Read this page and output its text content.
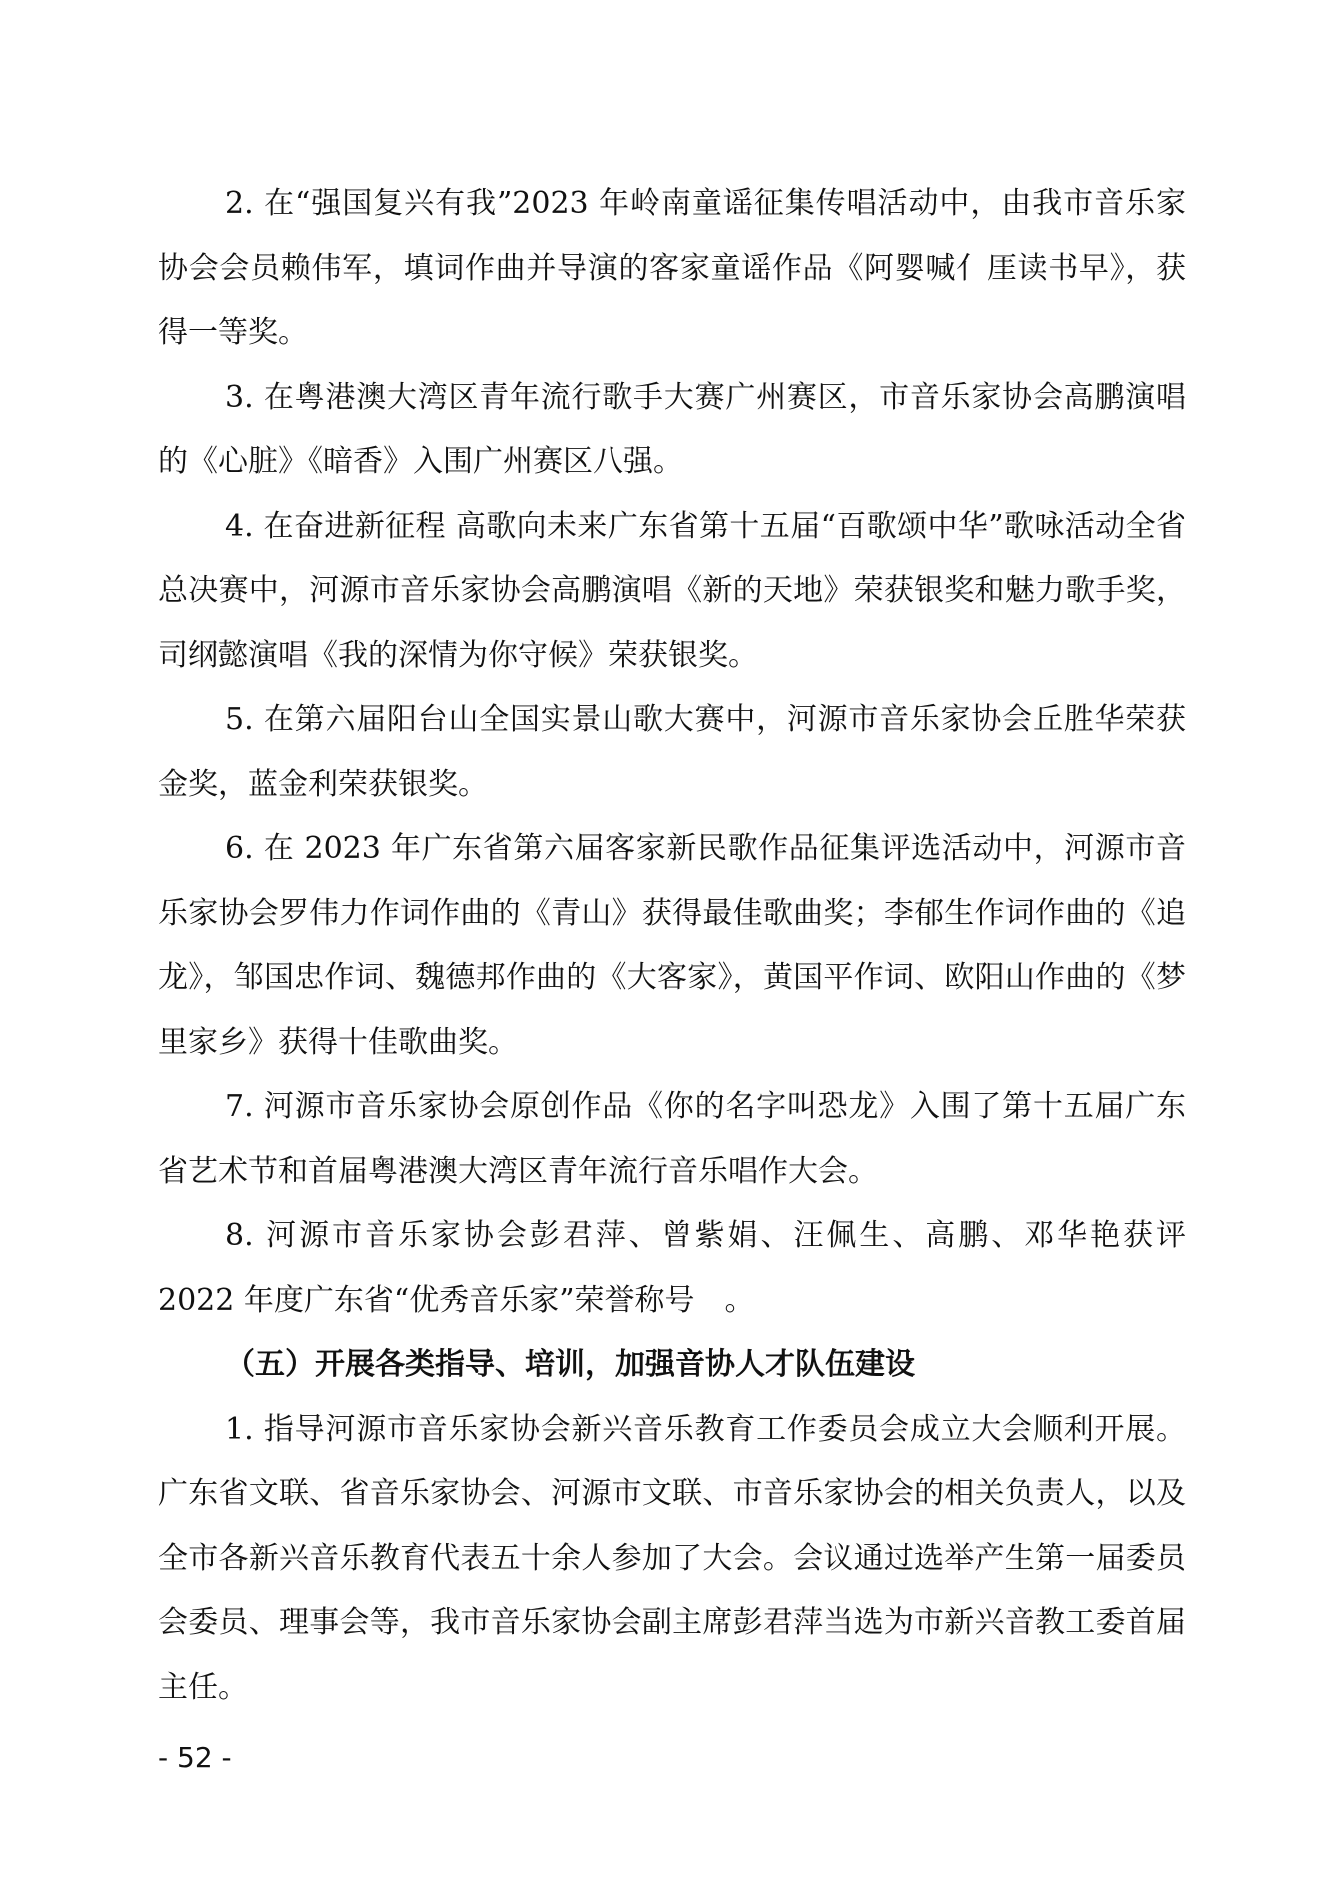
2. 在“强国复兴有我”2023 年岭南童谣征集传唱活动中，由我市音乐家协会会员赖伟军，填词作曲并导演的客家童谣作品《阿婴喊亻厓读书早》，获得一等奖。

3. 在粤港澳大湾区青年流行歌手大赛广州赛区，市音乐家协会高鹏演唱的《心脏》《暗香》入围广州赛区八强。

4. 在奋进新征程 高歌向未来广东省第十五届“百歌颂中华”歌咏活动全省总决赛中，河源市音乐家协会高鹏演唱《新的天地》荣获银奖和魅力歌手奖，司纲懿演唱《我的深情为你守候》荣获银奖。

5. 在第六届阳台山全国实景山歌大赛中，河源市音乐家协会丘胜华荣获金奖，蓝金利荣获银奖。

6. 在 2023 年广东省第六届客家新民歌作品征集评选活动中，河源市音乐家协会罗伟力作词作曲的《青山》获得最佳歌曲奖；李郁生作词作曲的《追龙》，邹国忠作词、魏德邦作曲的《大客家》，黄国平作词、欧阳山作曲的《梦里家乡》获得十佳歌曲奖。

7. 河源市音乐家协会原创作品《你的名字叫恐龙》入围了第十五届广东省艺术节和首届粤港澳大湾区青年流行音乐唱作大会。

8. 河源市音乐家协会彭君萍、曾紫娟、汪佩生、高鹏、邓华艳获评 2022 年度广东省“优秀音乐家”荣誉称号　。

（五）开展各类指导、培训，加强音协人才队伍建设

1. 指导河源市音乐家协会新兴音乐教育工作委员会成立大会顺利开展。广东省文联、省音乐家协会、河源市文联、市音乐家协会的相关负责人，以及全市各新兴音乐教育代表五十余人参加了大会。会议通过选举产生第一届委员会委员、理事会等，我市音乐家协会副主席彭君萍当选为市新兴音教工委首届主任。

- 52 -
